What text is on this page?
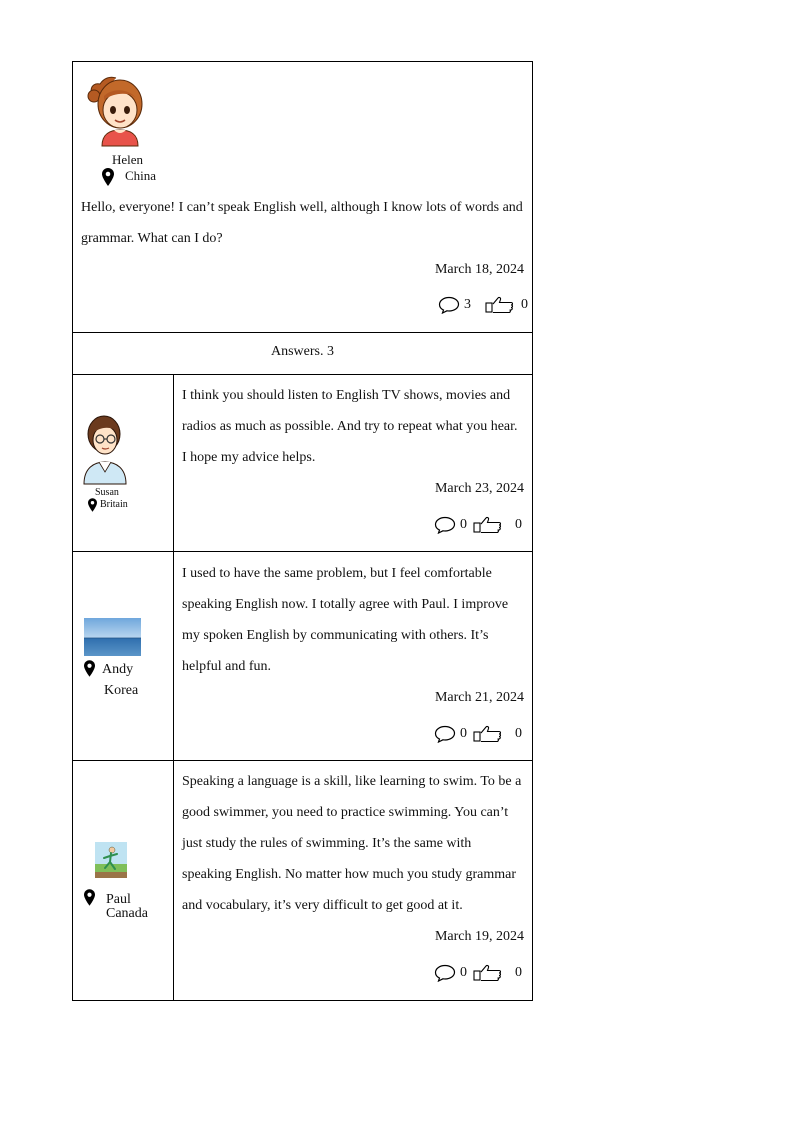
Helen
China
Hello, everyone! I can’t speak English well, although I know lots of words and
grammar. What can I do?
March 18, 2024
3	0
Answers. 3
Susan
Britain
I think you should listen to English TV shows, movies and
radios as much as possible. And try to repeat what you hear.
I hope my advice helps.
March 23, 2024
0	0
Andy
Korea
I used to have the same problem, but I feel comfortable
speaking English now. I totally agree with Paul. I improve
my spoken English by communicating with others. It’s
helpful and fun.
March 21, 2024
0	0
Paul
Canada
Speaking a language is a skill, like learning to swim. To be a
good swimmer, you need to practice swimming. You can’t
just study the rules of swimming. It’s the same with
speaking English. No matter how much you study grammar
and vocabulary, it’s very difficult to get good at it.
March 19, 2024
0	0
